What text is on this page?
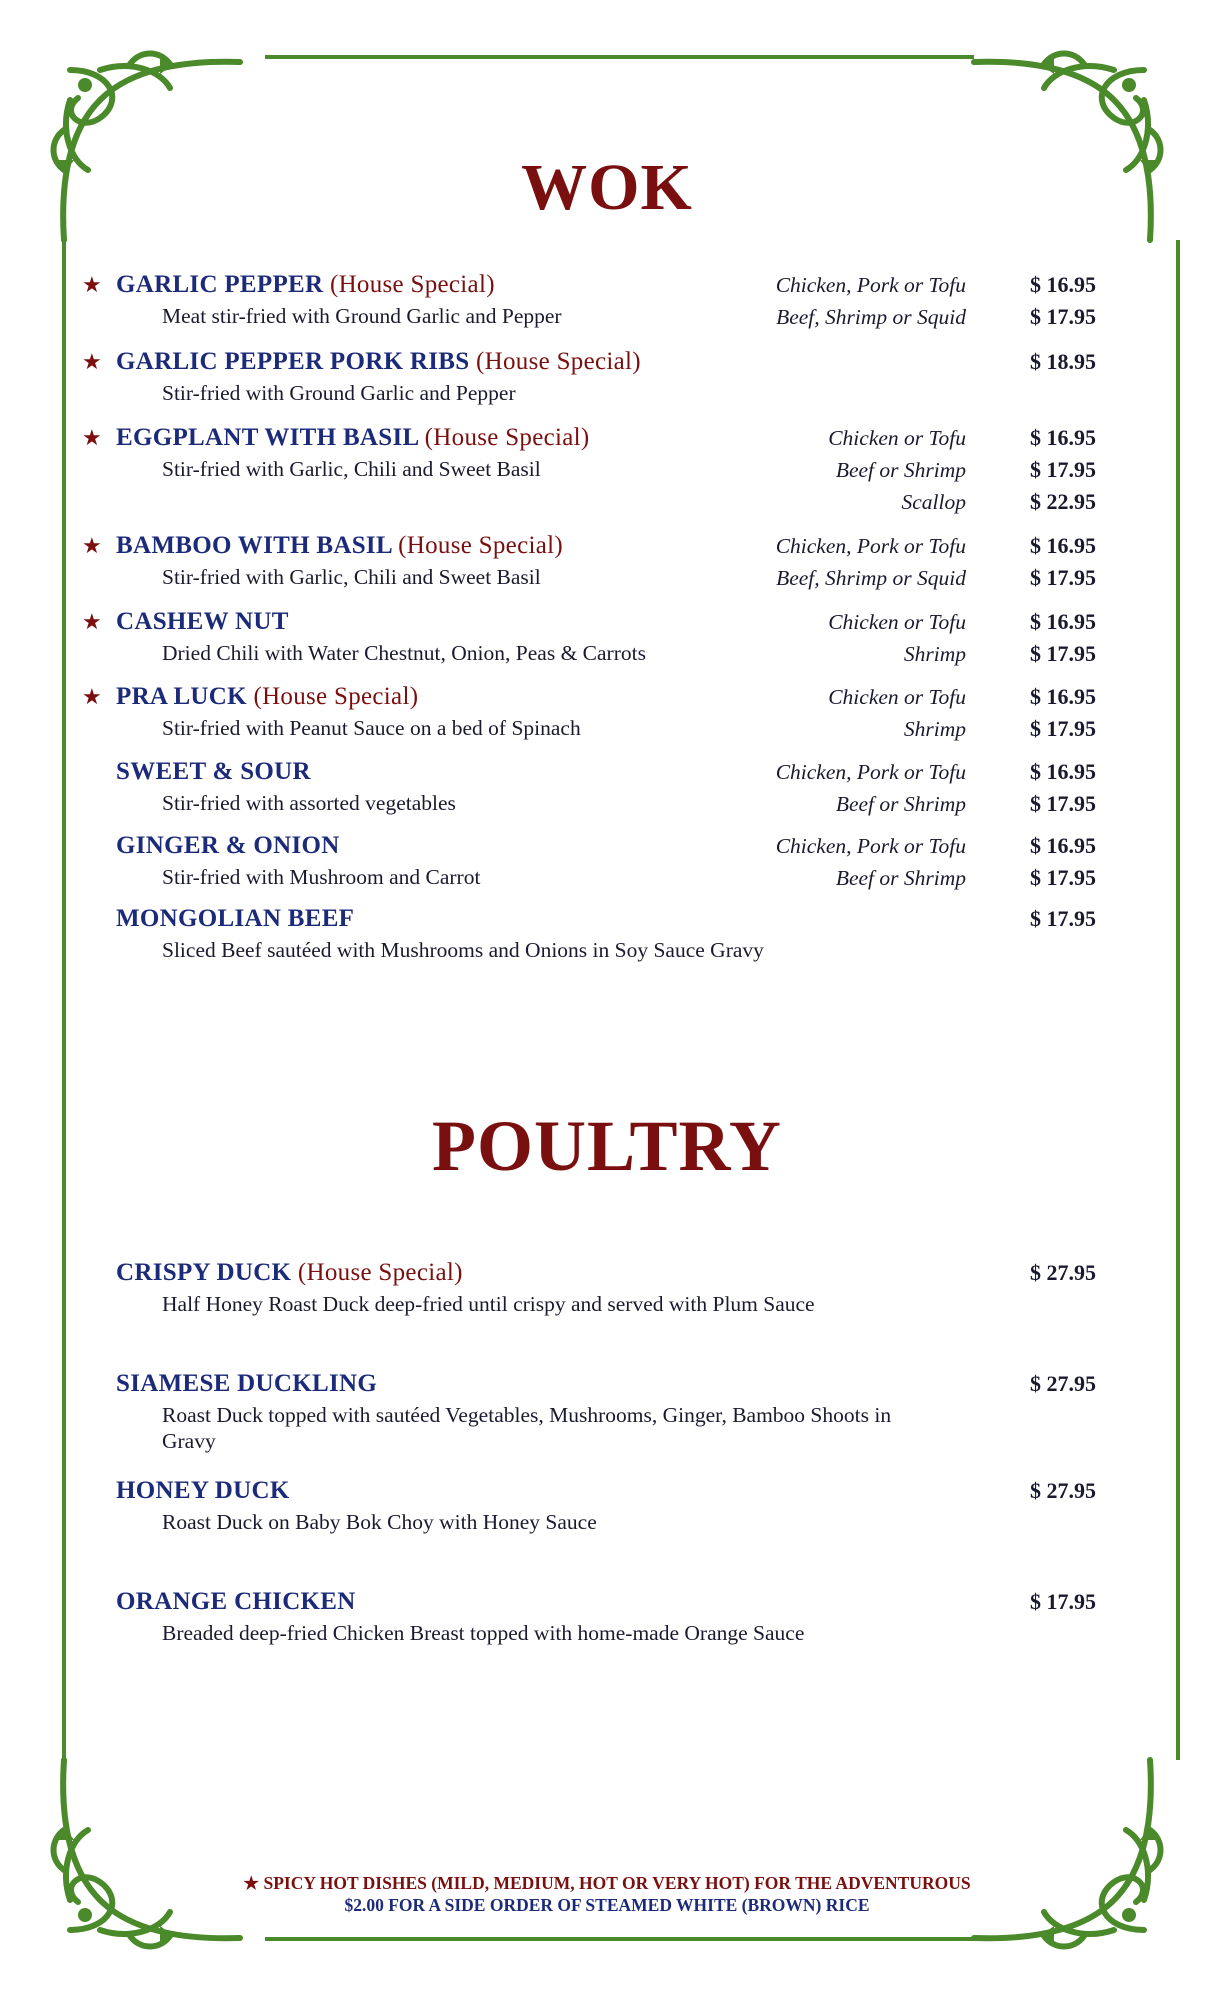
WOK
POULTRY
★ GARLIC PEPPER (House Special)
Meat stir-fried with Ground Garlic and Pepper
Chicken, Pork or Tofu	$ 16.95
Beef, Shrimp or Squid	$ 17.95
★ GARLIC PEPPER PORK RIBS (House Special)
Stir-fried with Ground Garlic and Pepper
$ 18.95
★ EGGPLANT WITH BASIL (House Special)
Stir-fried with Garlic, Chili and Sweet Basil
Chicken or Tofu	$ 16.95
Beef or Shrimp	$ 17.95
Scallop	$ 22.95
★ BAMBOO WITH BASIL (House Special)
Stir-fried with Garlic, Chili and Sweet Basil
Chicken, Pork or Tofu	$ 16.95
Beef, Shrimp or Squid	$ 17.95
★ CASHEW NUT
Dried Chili with Water Chestnut, Onion, Peas & Carrots
Chicken or Tofu	$ 16.95
Shrimp	$ 17.95
★ PRA LUCK (House Special)
Stir-fried with Peanut Sauce on a bed of Spinach
Chicken or Tofu	$ 16.95
Shrimp	$ 17.95
SWEET & SOUR
Stir-fried with assorted vegetables
Chicken, Pork or Tofu	$ 16.95
Beef or Shrimp	$ 17.95
GINGER & ONION
Stir-fried with Mushroom and Carrot
Chicken, Pork or Tofu	$ 16.95
Beef or Shrimp	$ 17.95
MONGOLIAN BEEF
Sliced Beef sautéed with Mushrooms and Onions in Soy Sauce Gravy
$ 17.95
CRISPY DUCK (House Special)
Half Honey Roast Duck deep-fried until crispy and served with Plum Sauce
$ 27.95
SIAMESE DUCKLING
Roast Duck topped with sautéed Vegetables, Mushrooms, Ginger, Bamboo Shoots in Gravy
$ 27.95
HONEY DUCK
Roast Duck on Baby Bok Choy with Honey Sauce
$ 27.95
ORANGE CHICKEN
Breaded deep-fried Chicken Breast topped with home-made Orange Sauce
$ 17.95
★ SPICY HOT DISHES (MILD, MEDIUM, HOT OR VERY HOT) FOR THE ADVENTUROUS
$2.00 FOR A SIDE ORDER OF STEAMED WHITE (BROWN) RICE
